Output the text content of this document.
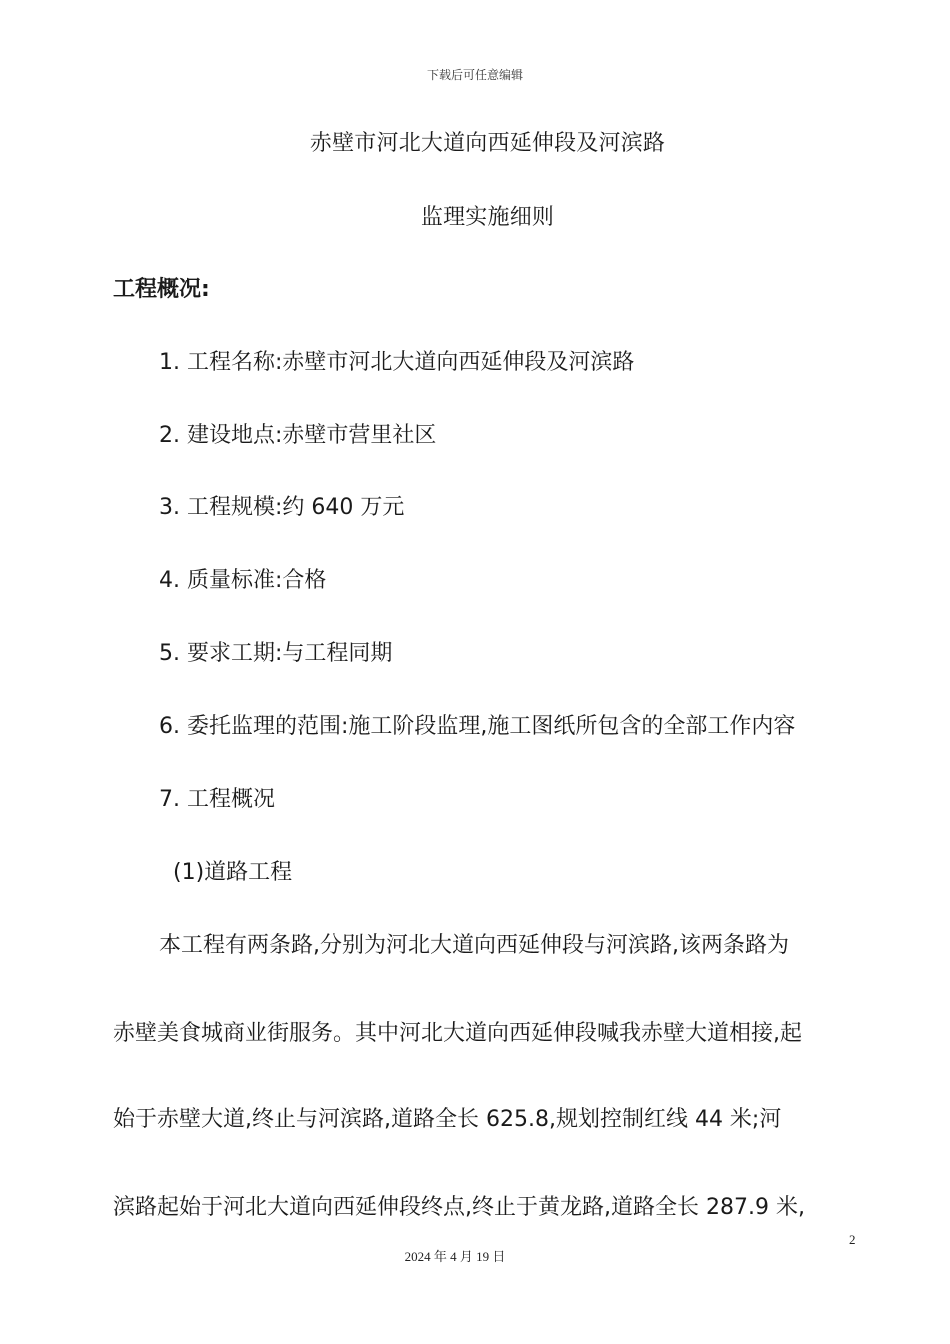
下载后可任意编辑
赤壁市河北大道向西延伸段及河滨路
监理实施细则
工程概况:
1. 工程名称:赤壁市河北大道向西延伸段及河滨路
2. 建设地点:赤壁市营里社区
3. 工程规模:约 640 万元
4. 质量标准:合格
5. 要求工期:与工程同期
6. 委托监理的范围:施工阶段监理,施工图纸所包含的全部工作内容
7. 工程概况
(1)道路工程
本工程有两条路,分别为河北大道向西延伸段与河滨路,该两条路为
赤壁美食城商业街服务。其中河北大道向西延伸段喊我赤壁大道相接,起
始于赤壁大道,终止与河滨路,道路全长 625.8,规划控制红线 44 米;河
滨路起始于河北大道向西延伸段终点,终止于黄龙路,道路全长 287.9 米,
2
2024 年 4 月 19 日
